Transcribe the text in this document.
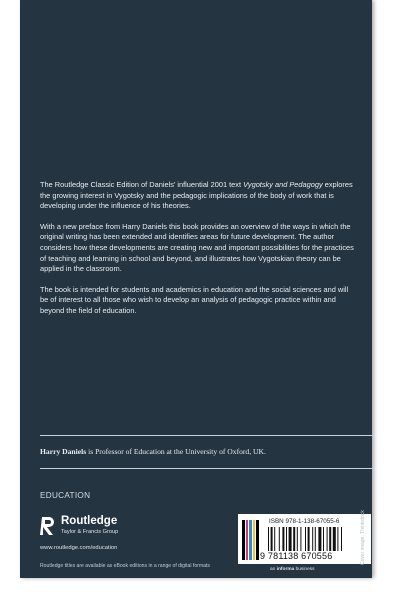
The Routledge Classic Edition of Daniels’ influential 2001 text Vygotsky and Pedagogy explores the growing interest in Vygotsky and the pedagogic implications of the body of work that is developing under the influence of his theories.

With a new preface from Harry Daniels this book provides an overview of the ways in which the original writing has been extended and identifies areas for future development. The author considers how these developments are creating new and important possibilities for the practices of teaching and learning in school and beyond, and illustrates how Vygotskian theory can be applied in the classroom.

The book is intended for students and academics in education and the social sciences and will be of interest to all those who wish to develop an analysis of pedagogic practice within and beyond the field of education.

Harry Daniels is Professor of Education at the University of Oxford, UK.
EDUCATION
Routledge
Taylor & Francis Group
www.routledge.com/education
Routledge titles are available as eBook editions in a range of digital formats
ISBN 978-1-138-67055-6
9 781138 670556
an informa business
Cover image: Thinkstock
